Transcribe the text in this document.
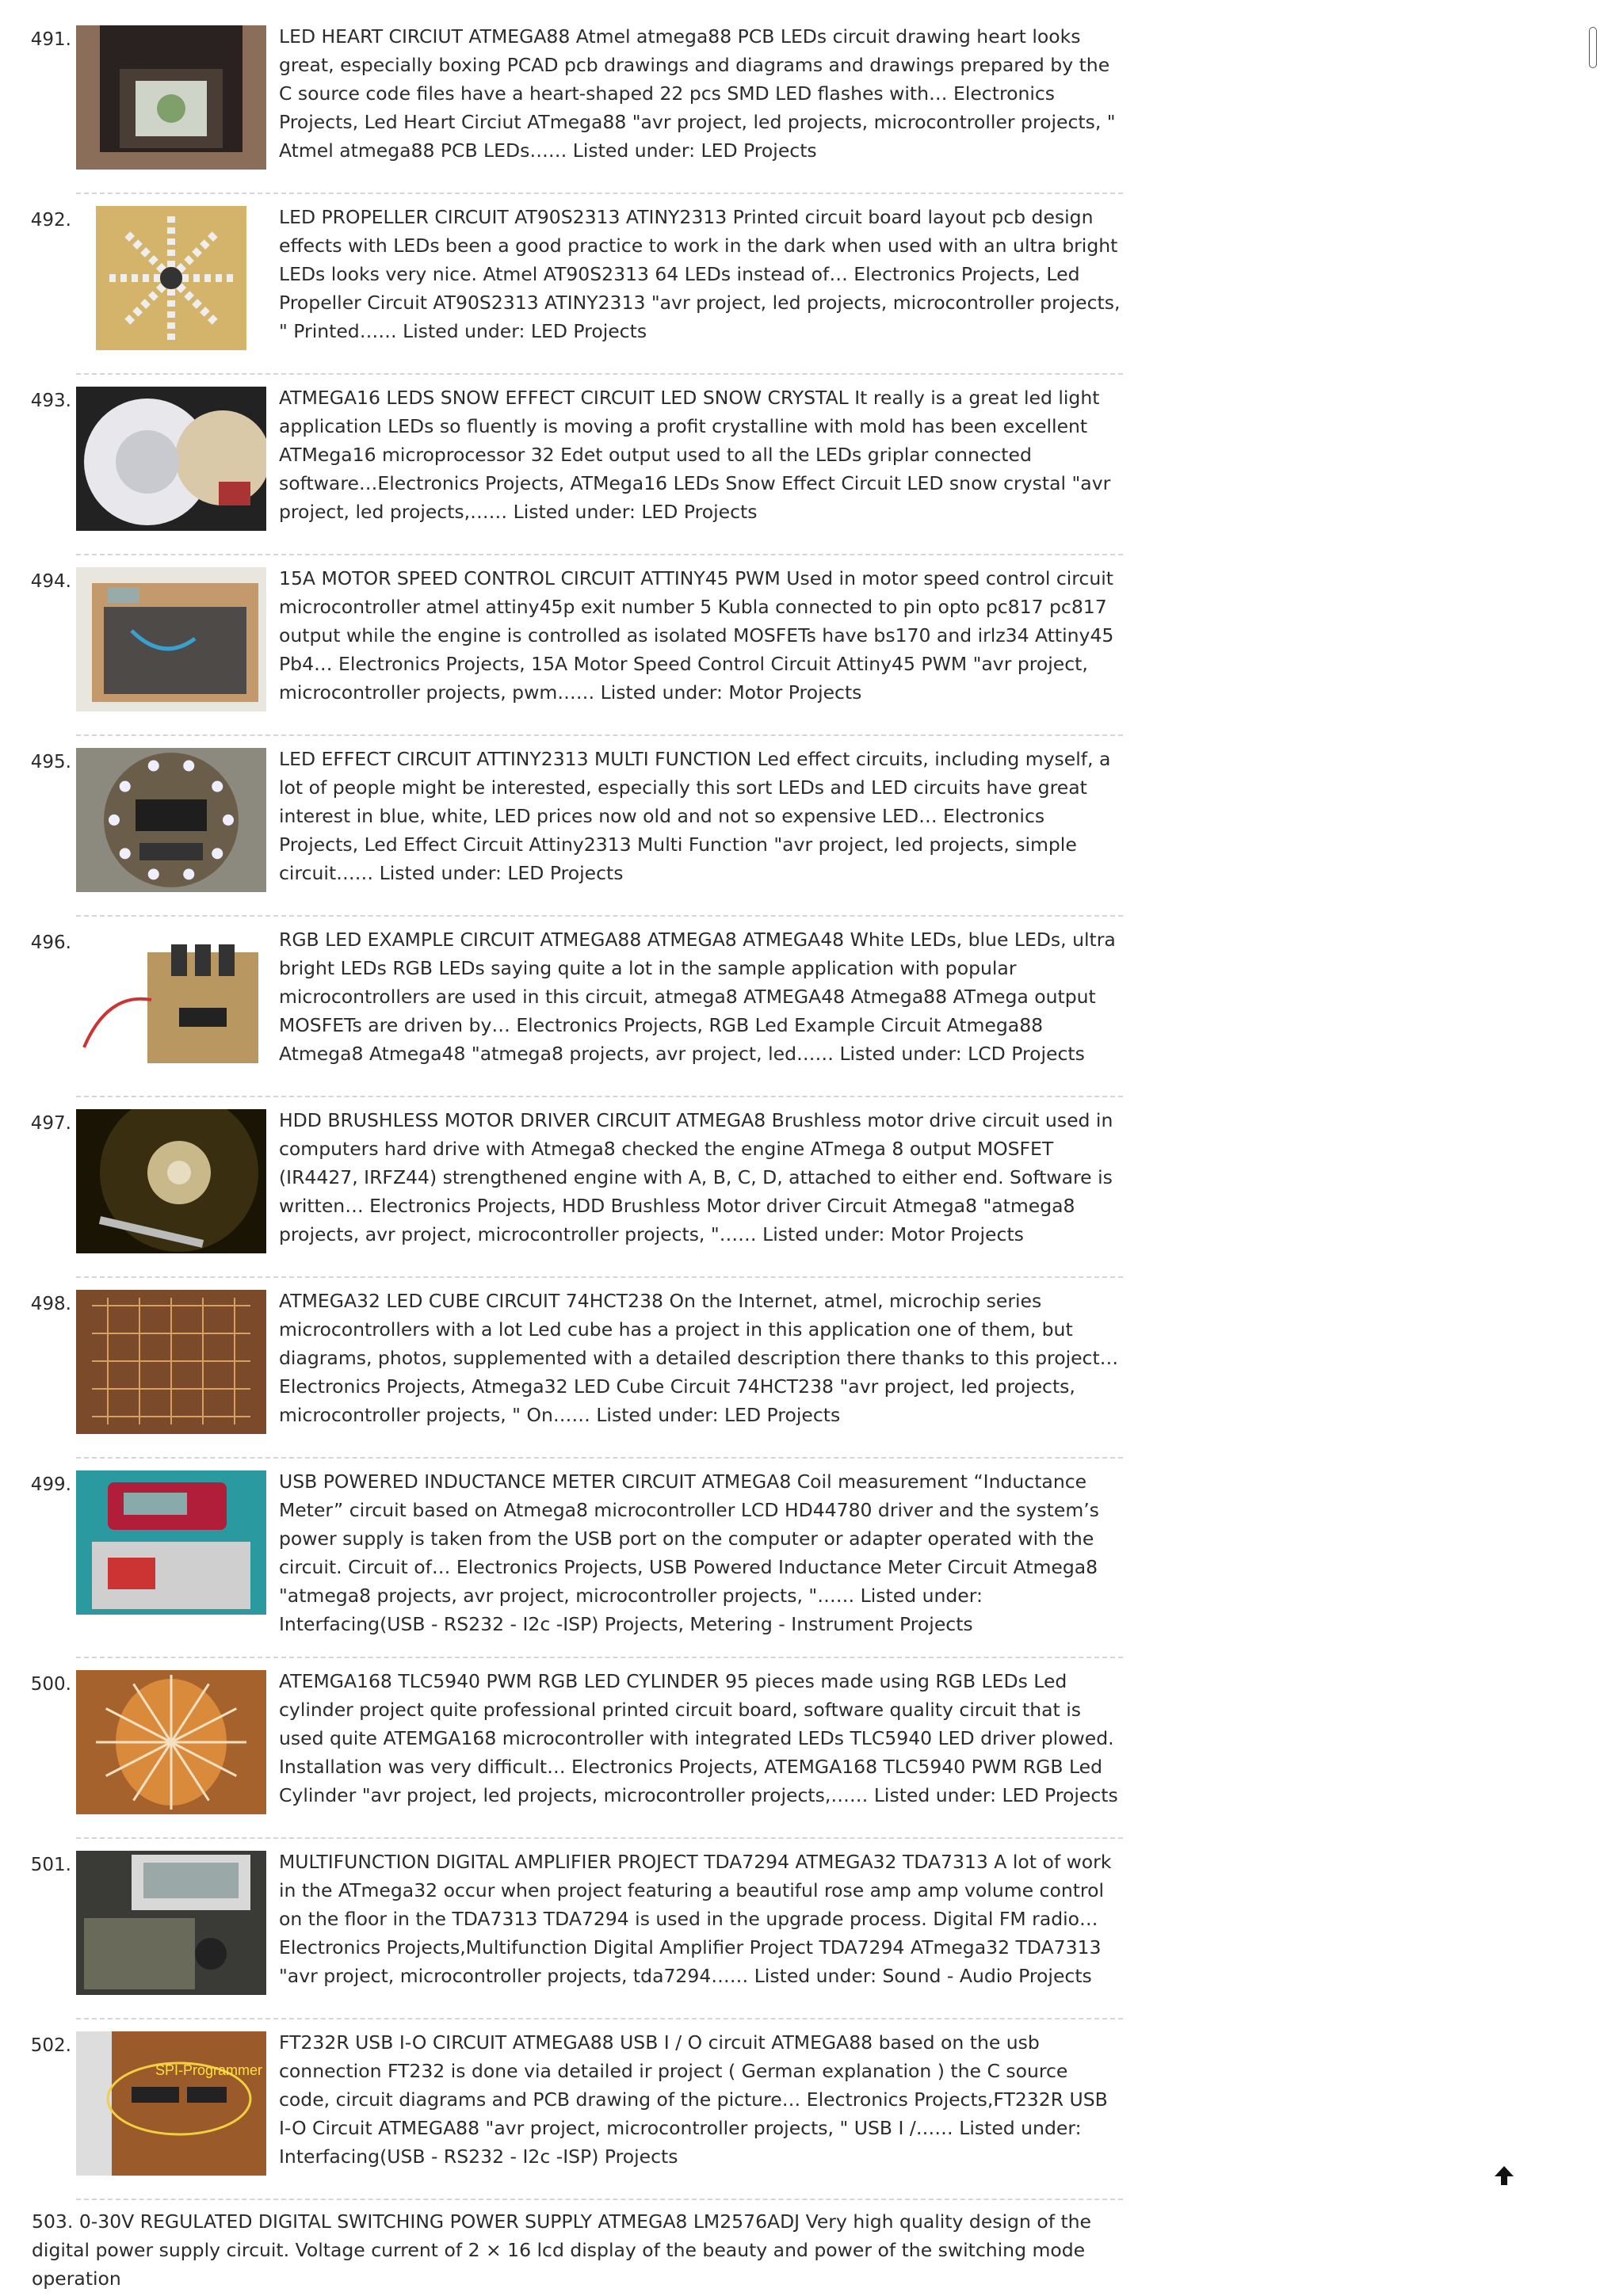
491.	LED HEART CIRCIUT ATMEGA88 Atmel atmega88 PCB LEDs circuit drawing heart looks great, especially boxing PCAD pcb drawings and diagrams and drawings prepared by the C source code files have a heart-shaped 22 pcs SMD LED flashes with… Electronics Projects, Led Heart Circiut ATmega88 "avr project, led projects, microcontroller projects, " Atmel atmega88 PCB LEDs…… Listed under: LED Projects

492.	LED PROPELLER CIRCUIT AT90S2313 ATINY2313 Printed circuit board layout pcb design effects with LEDs been a good practice to work in the dark when used with an ultra bright LEDs looks very nice. Atmel AT90S2313 64 LEDs instead of… Electronics Projects, Led Propeller Circuit AT90S2313 ATINY2313 "avr project, led projects, microcontroller projects, " Printed…… Listed under: LED Projects

493.	ATMEGA16 LEDS SNOW EFFECT CIRCUIT LED SNOW CRYSTAL It really is a great led light application LEDs so fluently is moving a profit crystalline with mold has been excellent ATMega16 microprocessor 32 Edet output used to all the LEDs griplar connected software…Electronics Projects, ATMega16 LEDs Snow Effect Circuit LED snow crystal "avr project, led projects,…… Listed under: LED Projects

494.	15A MOTOR SPEED CONTROL CIRCUIT ATTINY45 PWM Used in motor speed control circuit microcontroller atmel attiny45p exit number 5 Kubla connected to pin opto pc817 pc817 output while the engine is controlled as isolated MOSFETs have bs170 and irlz34 Attiny45 Pb4… Electronics Projects, 15A Motor Speed Control Circuit Attiny45 PWM "avr project, microcontroller projects, pwm…… Listed under: Motor Projects

495.	LED EFFECT CIRCUIT ATTINY2313 MULTI FUNCTION Led effect circuits, including myself, a lot of people might be interested, especially this sort LEDs and LED circuits have great interest in blue, white, LED prices now old and not so expensive LED… Electronics Projects, Led Effect Circuit Attiny2313 Multi Function "avr project, led projects, simple circuit…… Listed under: LED Projects

496.	RGB LED EXAMPLE CIRCUIT ATMEGA88 ATMEGA8 ATMEGA48 White LEDs, blue LEDs, ultra bright LEDs RGB LEDs saying quite a lot in the sample application with popular microcontrollers are used in this circuit, atmega8 ATMEGA48 Atmega88 ATmega output MOSFETs are driven by… Electronics Projects, RGB Led Example Circuit Atmega88 Atmega8 Atmega48 "atmega8 projects, avr project, led…… Listed under: LCD Projects

497.	HDD BRUSHLESS MOTOR DRIVER CIRCUIT ATMEGA8 Brushless motor drive circuit used in computers hard drive with Atmega8 checked the engine ATmega 8 output MOSFET (IR4427, IRFZ44) strengthened engine with A, B, C, D, attached to either end. Software is written… Electronics Projects, HDD Brushless Motor driver Circuit Atmega8 "atmega8 projects, avr project, microcontroller projects, "…… Listed under: Motor Projects

498.	ATMEGA32 LED CUBE CIRCUIT 74HCT238 On the Internet, atmel, microchip series microcontrollers with a lot Led cube has a project in this application one of them, but diagrams, photos, supplemented with a detailed description there thanks to this project…Electronics Projects, Atmega32 LED Cube Circuit 74HCT238 "avr project, led projects, microcontroller projects, " On…… Listed under: LED Projects

499.	USB POWERED INDUCTANCE METER CIRCUIT ATMEGA8 Coil measurement “Inductance Meter” circuit based on Atmega8 microcontroller LCD HD44780 driver and the system’s power supply is taken from the USB port on the computer or adapter operated with the circuit. Circuit of… Electronics Projects, USB Powered Inductance Meter Circuit Atmega8 "atmega8 projects, avr project, microcontroller projects, "…… Listed under: Interfacing(USB - RS232 - I2c -ISP) Projects, Metering - Instrument Projects

500.	ATEMGA168 TLC5940 PWM RGB LED CYLINDER 95 pieces made using RGB LEDs Led cylinder project quite professional printed circuit board, software quality circuit that is used quite ATEMGA168 microcontroller with integrated LEDs TLC5940 LED driver plowed. Installation was very difficult… Electronics Projects, ATEMGA168 TLC5940 PWM RGB Led Cylinder "avr project, led projects, microcontroller projects,…… Listed under: LED Projects

501.	MULTIFUNCTION DIGITAL AMPLIFIER PROJECT TDA7294 ATMEGA32 TDA7313 A lot of work in the ATmega32 occur when project featuring a beautiful rose amp amp volume control on the floor in the TDA7313 TDA7294 is used in the upgrade process. Digital FM radio… Electronics Projects,Multifunction Digital Amplifier Project TDA7294 ATmega32 TDA7313 "avr project, microcontroller projects, tda7294…… Listed under: Sound - Audio Projects

502.
SPI-Programmer

FT232R USB I-O CIRCUIT ATMEGA88 USB I / O circuit ATMEGA88 based on the usb connection FT232 is done via detailed ir project ( German explanation ) the C source code, circuit diagrams and PCB drawing of the picture… Electronics Projects,FT232R USB I-O Circuit ATMEGA88 "avr project, microcontroller projects, " USB I /…… Listed under: Interfacing(USB - RS232 - I2c -ISP) Projects

503. 0-30V REGULATED DIGITAL SWITCHING POWER SUPPLY ATMEGA8 LM2576ADJ Very high quality design of the digital power supply circuit. Voltage current of 2 × 16 lcd display of the beauty and power of the switching mode operation
